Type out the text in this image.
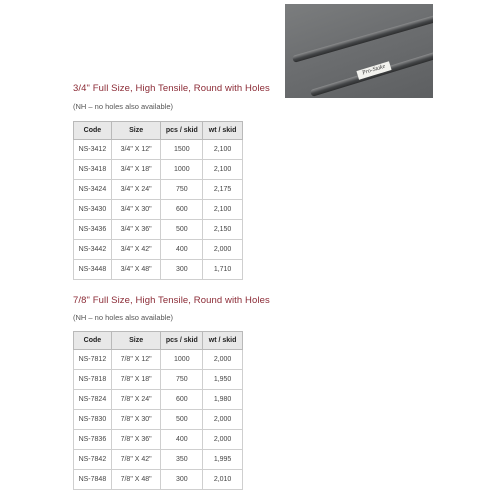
Pro-Stake
3/4" Full Size, High Tensile, Round with Holes
(NH – no holes also available)
Code	Size	pcs / skid	wt / skid
NS-3412	3/4" X 12"	1500	2,100
NS-3418	3/4" X 18"	1000	2,100
NS-3424	3/4" X 24"	750	2,175
NS-3430	3/4" X 30"	600	2,100
NS-3436	3/4" X 36"	500	2,150
NS-3442	3/4" X 42"	400	2,000
NS-3448	3/4" X 48"	300	1,710
7/8" Full Size, High Tensile, Round with Holes
(NH – no holes also available)
Code	Size	pcs / skid	wt / skid
NS-7812	7/8" X 12"	1000	2,000
NS-7818	7/8" X 18"	750	1,950
NS-7824	7/8" X 24"	600	1,980
NS-7830	7/8" X 30"	500	2,000
NS-7836	7/8" X 36"	400	2,000
NS-7842	7/8" X 42"	350	1,995
NS-7848	7/8" X 48"	300	2,010
